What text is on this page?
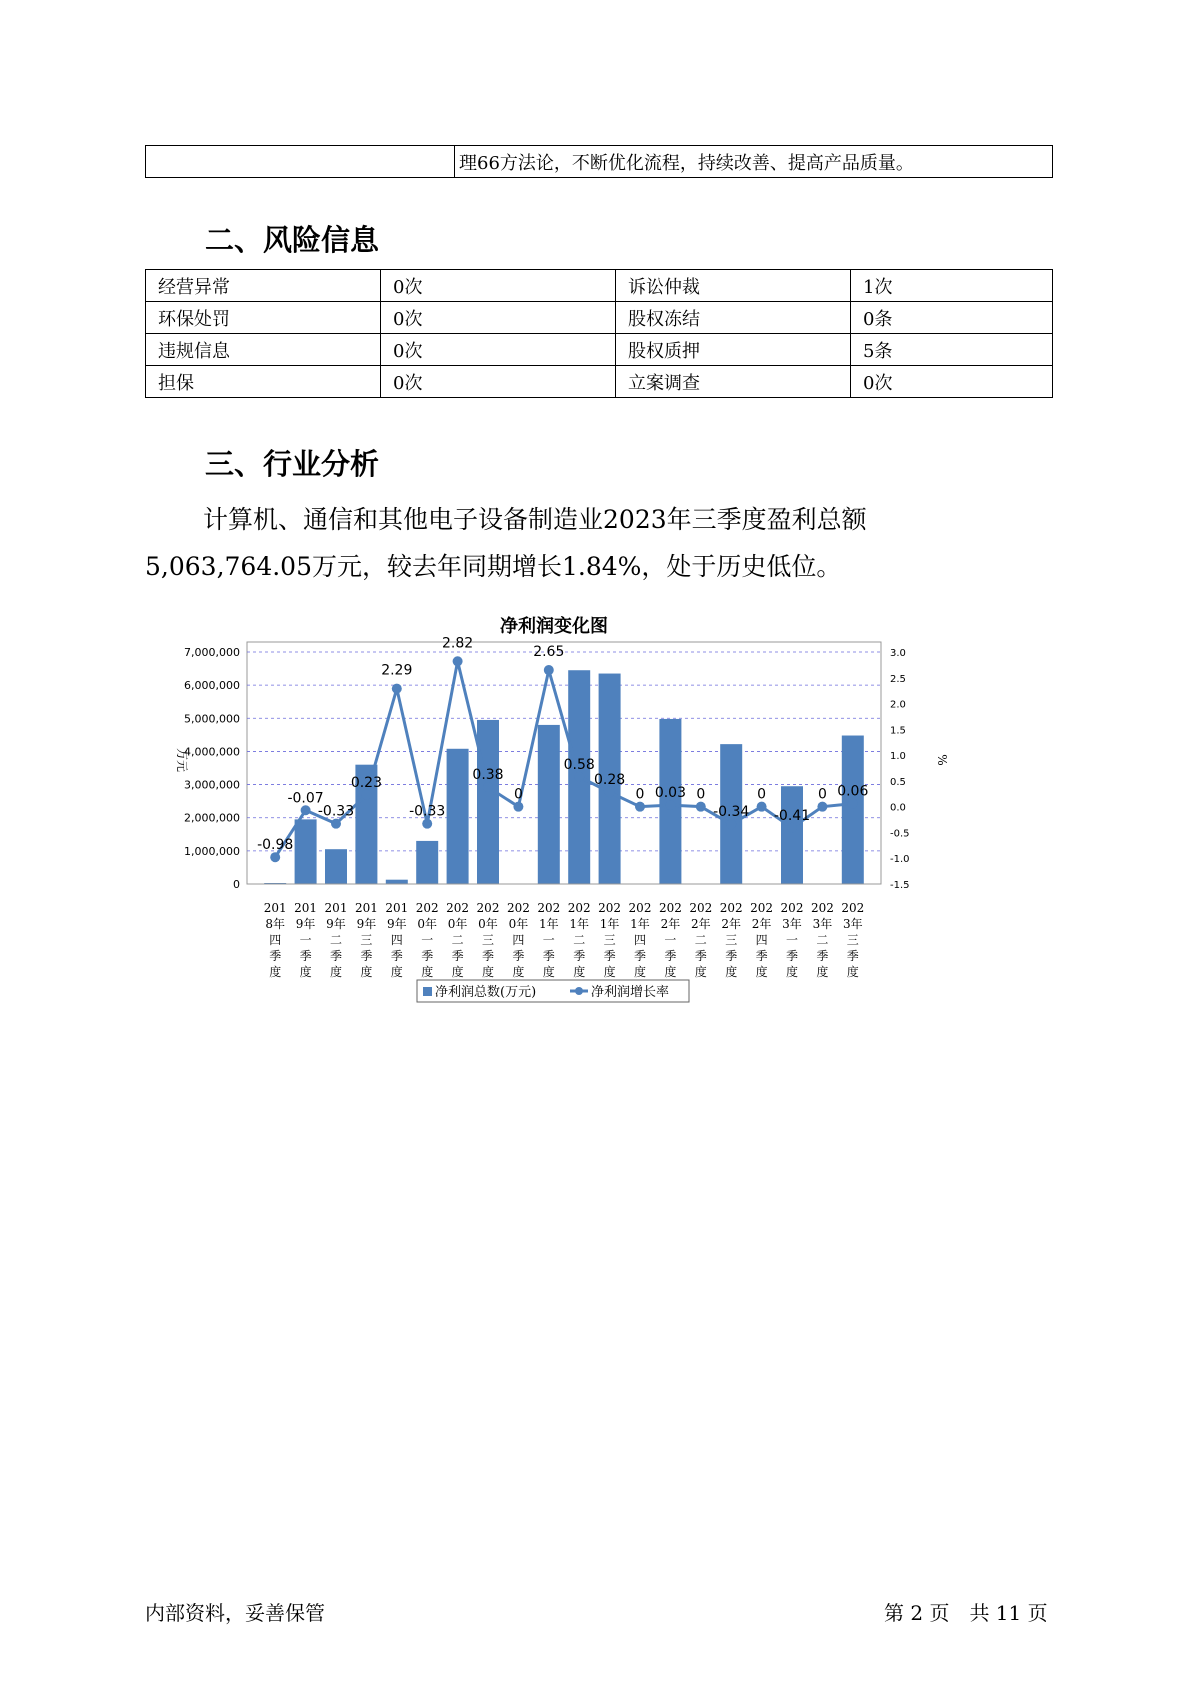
	理66方法论，不断优化流程，持续改善、提高产品质量。
二、风险信息
经营异常	0次	诉讼仲裁	1次
环保处罚	0次	股权冻结	0条
违规信息	0次	股权质押	5条
担保	0次	立案调查	0次
三、行业分析

计算机、通信和其他电子设备制造业2023年三季度盈利总额5,063,764.05万元，较去年同期增长1.84%，处于历史低位。

净利润变化图
7,000,000
6,000,000
5,000,000
4,000,000
3,000,000
2,000,000
1,000,000
0
3.0
2.5
2.0
1.5
1.0
0.5
0.0
-0.5
-1.0
-1.5
万元	%
-0.98
-0.07
-0.33
0.23
2.29
-0.33
2.82
0.38
0
2.65
0.58
0.28
0 0.03 0
-0.34
0
-0.41
0 0.06
201 8年四季度
201 9年一季度
201 9年二季度
201 9年三季度
201 9年四季度
202 0年一季度
202 0年二季度
202 0年三季度
202 0年四季度
202 1年一季度
202 1年二季度
202 1年三季度
202 1年四季度
202 2年一季度
202 2年二季度
202 2年三季度
202 2年四季度
202 3年一季度
202 3年二季度
202 3年三季度
净利润总数(万元)	净利润增长率
内部资料，妥善保管	第 2 页　共 11 页
